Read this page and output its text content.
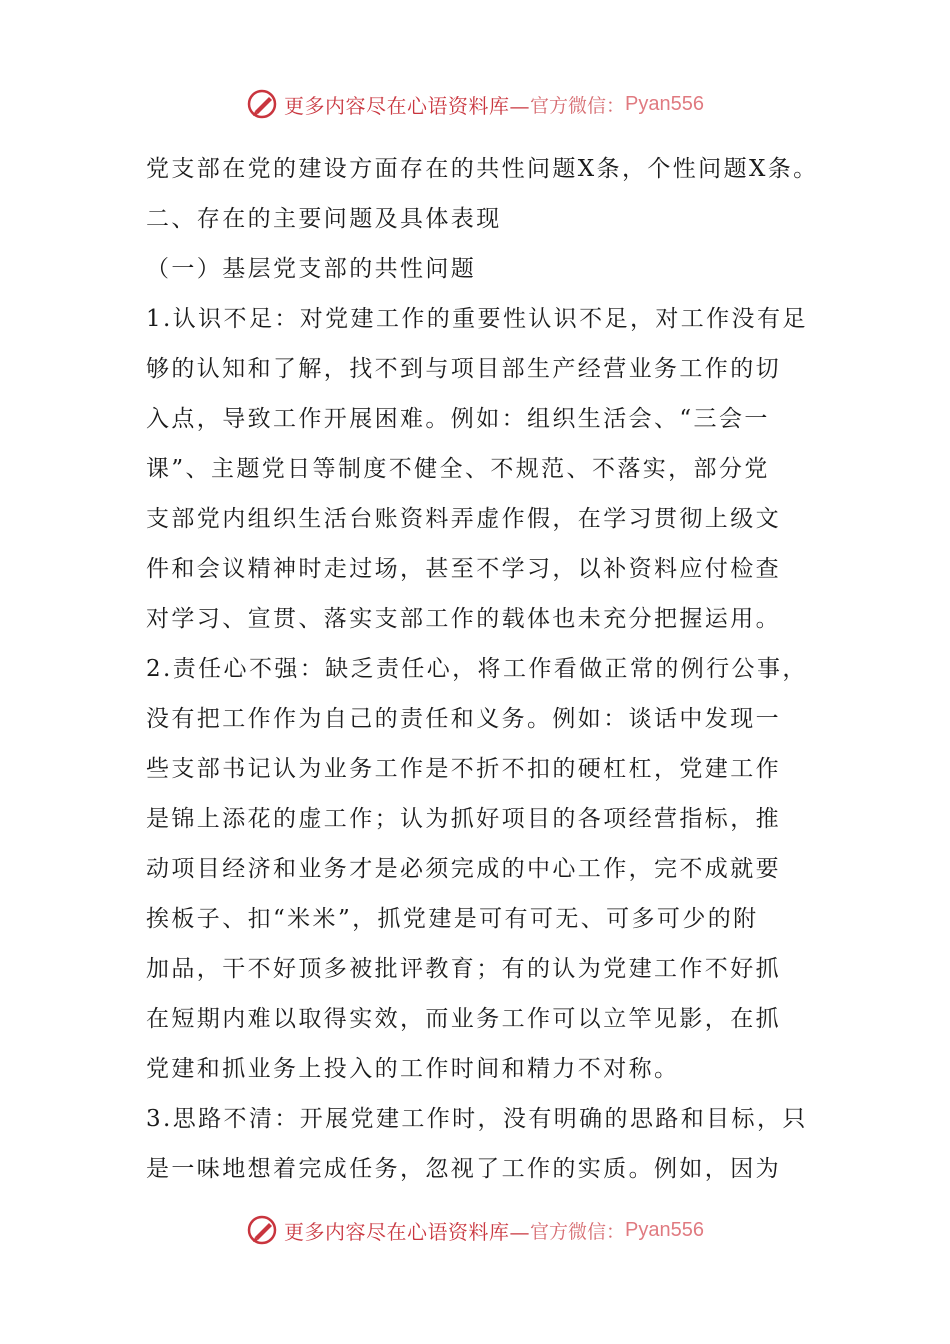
更多内容尽在心语资料库— 官方微信： Pyan556
党支部在党的建设方面存在的共性问题X条，个性问题X条。
二、存在的主要问题及具体表现
（一）基层党支部的共性问题
1.认识不足：对党建工作的重要性认识不足，对工作没有足
够的认知和了解，找不到与项目部生产经营业务工作的切
入点，导致工作开展困难。例如：组织生活会、“三会一
课”、主题党日等制度不健全、不规范、不落实，部分党
支部党内组织生活台账资料弄虚作假，在学习贯彻上级文
件和会议精神时走过场，甚至不学习，以补资料应付检查
对学习、宣贯、落实支部工作的载体也未充分把握运用。
2.责任心不强：缺乏责任心，将工作看做正常的例行公事，
没有把工作作为自己的责任和义务。例如：谈话中发现一
些支部书记认为业务工作是不折不扣的硬杠杠，党建工作
是锦上添花的虚工作；认为抓好项目的各项经营指标，推
动项目经济和业务才是必须完成的中心工作，完不成就要
挨板子、扣“米米”，抓党建是可有可无、可多可少的附
加品，干不好顶多被批评教育；有的认为党建工作不好抓
在短期内难以取得实效，而业务工作可以立竿见影，在抓
党建和抓业务上投入的工作时间和精力不对称。
3.思路不清：开展党建工作时，没有明确的思路和目标，只
是一味地想着完成任务，忽视了工作的实质。例如，因为
更多内容尽在心语资料库— 官方微信： Pyan556
